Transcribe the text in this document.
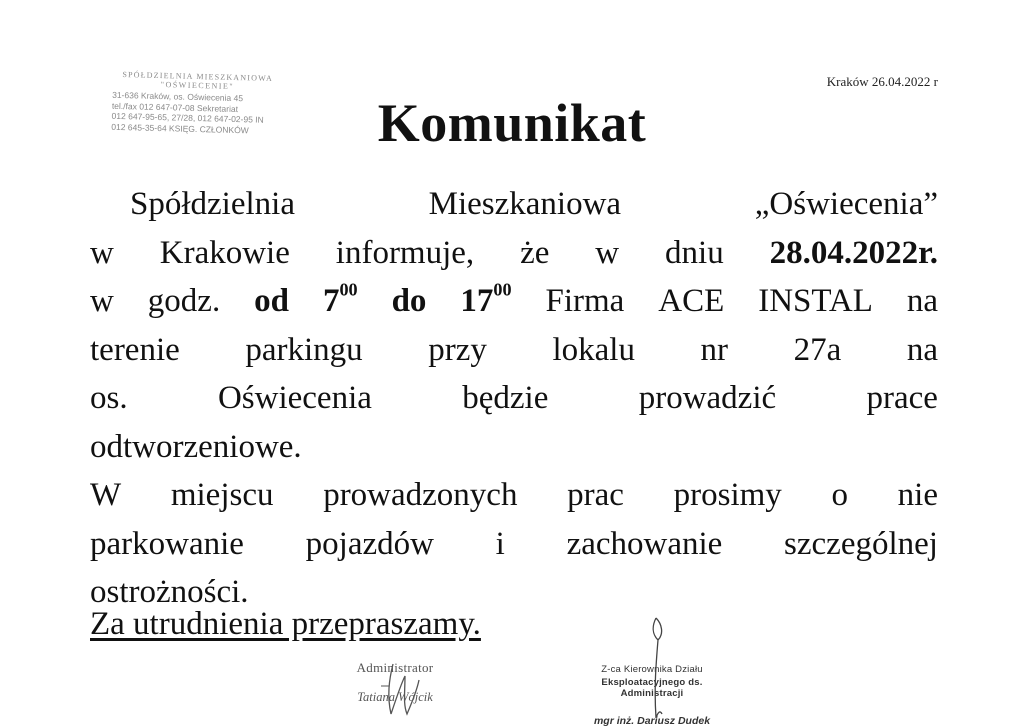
SPÓŁDZIELNIA MIESZKANIOWA
"OŚWIECENIE"
31-636 Kraków, os. Oświecenia 45
tel./fax 012 647-07-08 Sekretariat
012 647-95-65, 27/28, 012 647-02-95 IN
012 645-35-64 KSIĘG. CZŁONKÓW
Kraków 26.04.2022 r
Komunikat
Spółdzielnia	Mieszkaniowa	„Oświecenia”
w Krakowie informuje, że w dniu 28.04.2022r.
w godz. od $7^{00}$ do $17^{00}$ Firma ACE INSTAL na
terenie parkingu przy lokalu nr 27a na
os.	Oświecenia	będzie	prowadzić	prace
odtworzeniowe.
W miejscu prowadzonych prac prosimy o nie
parkowanie pojazdów i zachowanie szczególnej
ostrożności.
Za utrudnienia przepraszamy.
Administrator
Tatiana Wójcik
Z-ca Kierownika Działu
Eksploatacyjnego ds. Administracji
mgr inż. Dariusz Dudek
